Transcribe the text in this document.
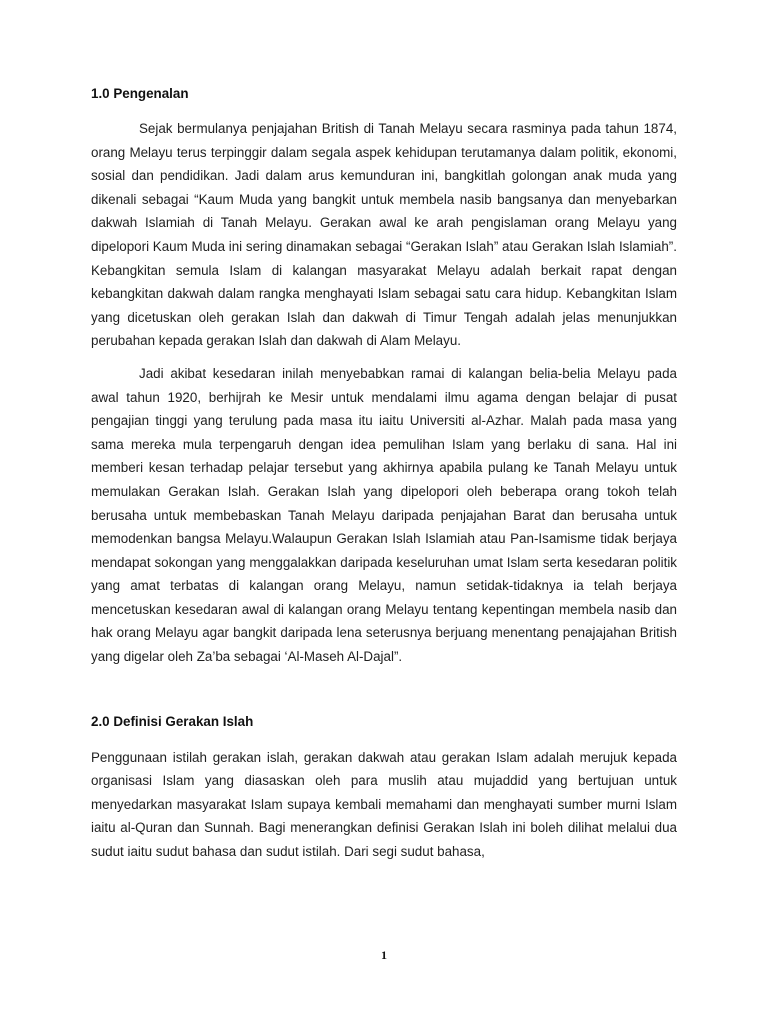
1.0 Pengenalan

Sejak bermulanya penjajahan British di Tanah Melayu secara rasminya pada tahun 1874, orang Melayu terus terpinggir dalam segala aspek kehidupan terutamanya dalam politik, ekonomi, sosial dan pendidikan. Jadi dalam arus kemunduran ini, bangkitlah golongan anak muda yang dikenali sebagai “Kaum Muda yang bangkit untuk membela nasib bangsanya dan menyebarkan dakwah Islamiah di Tanah Melayu. Gerakan awal ke arah pengislaman orang Melayu yang dipelopori Kaum Muda ini sering dinamakan sebagai “Gerakan Islah” atau Gerakan Islah Islamiah”. Kebangkitan semula Islam di kalangan masyarakat Melayu adalah berkait rapat dengan kebangkitan dakwah dalam rangka menghayati Islam sebagai satu cara hidup. Kebangkitan Islam yang dicetuskan oleh gerakan Islah dan dakwah di Timur Tengah adalah jelas menunjukkan perubahan kepada gerakan Islah dan dakwah di Alam Melayu.

Jadi akibat kesedaran inilah menyebabkan ramai di kalangan belia-belia Melayu pada awal tahun 1920, berhijrah ke Mesir untuk mendalami ilmu agama dengan belajar di pusat pengajian tinggi yang terulung pada masa itu iaitu Universiti al-Azhar. Malah pada masa yang sama mereka mula terpengaruh dengan idea pemulihan Islam yang berlaku di sana. Hal ini memberi kesan terhadap pelajar tersebut yang akhirnya apabila pulang ke Tanah Melayu untuk memulakan Gerakan Islah. Gerakan Islah yang dipelopori oleh beberapa orang tokoh telah berusaha untuk membebaskan Tanah Melayu daripada penjajahan Barat dan berusaha untuk memodenkan bangsa Melayu.Walaupun Gerakan Islah Islamiah atau Pan-Isamisme tidak berjaya mendapat sokongan yang menggalakkan daripada keseluruhan umat Islam serta kesedaran politik yang amat terbatas di kalangan orang Melayu, namun setidak-tidaknya ia telah berjaya mencetuskan kesedaran awal di kalangan orang Melayu tentang kepentingan membela nasib dan hak orang Melayu agar bangkit daripada lena seterusnya berjuang menentang penajajahan British yang digelar oleh Za’ba sebagai ‘Al-Maseh Al-Dajal”.

2.0 Definisi Gerakan Islah

Penggunaan istilah gerakan islah, gerakan dakwah atau gerakan Islam adalah merujuk kepada organisasi Islam yang diasaskan oleh para muslih atau mujaddid yang bertujuan untuk menyedarkan masyarakat Islam supaya kembali memahami dan menghayati sumber murni Islam iaitu al-Quran dan Sunnah. Bagi menerangkan definisi Gerakan Islah ini boleh dilihat melalui dua sudut iaitu sudut bahasa dan sudut istilah. Dari segi sudut bahasa,

1
